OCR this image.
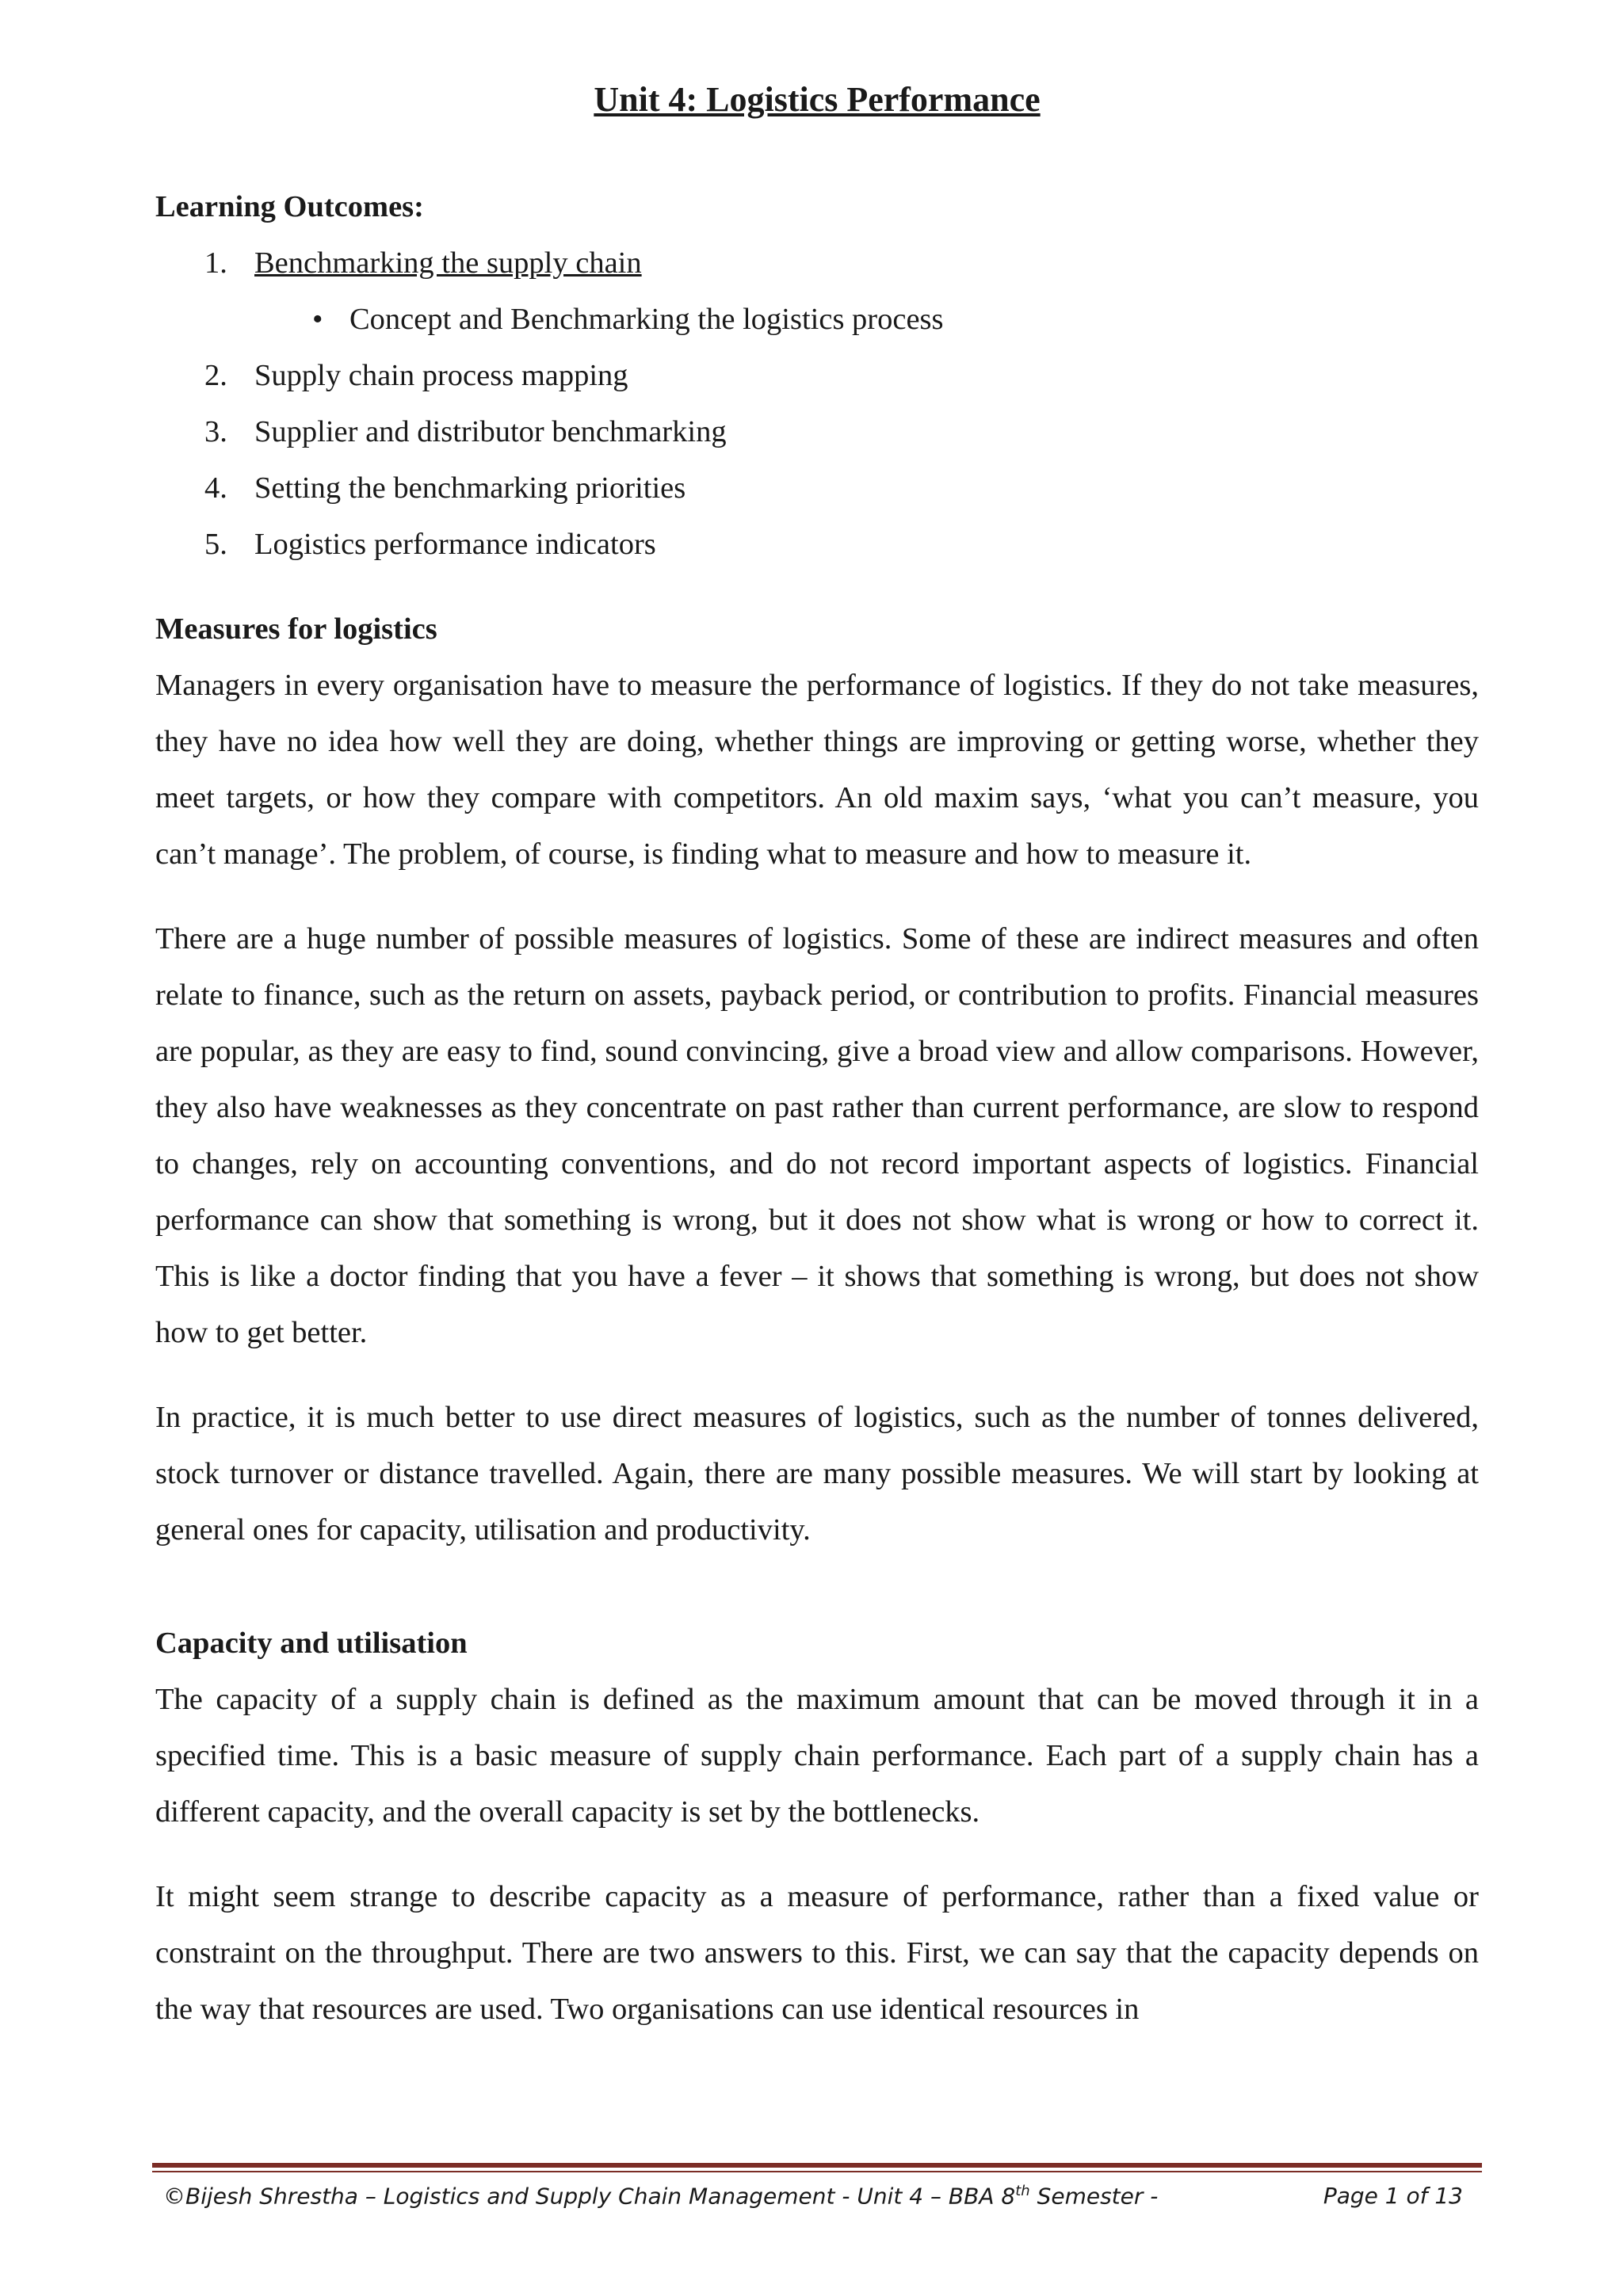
Unit 4: Logistics Performance
Learning Outcomes:
1. Benchmarking the supply chain
• Concept and Benchmarking the logistics process
2. Supply chain process mapping
3. Supplier and distributor benchmarking
4. Setting the benchmarking priorities
5. Logistics performance indicators
Measures for logistics

Managers in every organisation have to measure the performance of logistics. If they do not take measures, they have no idea how well they are doing, whether things are improving or getting worse, whether they meet targets, or how they compare with competitors. An old maxim says, ‘what you can’t measure, you can’t manage’. The problem, of course, is finding what to measure and how to measure it.

There are a huge number of possible measures of logistics. Some of these are indirect measures and often relate to finance, such as the return on assets, payback period, or contribution to profits. Financial measures are popular, as they are easy to find, sound convincing, give a broad view and allow comparisons. However, they also have weaknesses as they concentrate on past rather than current performance, are slow to respond to changes, rely on accounting conventions, and do not record important aspects of logistics. Financial performance can show that something is wrong, but it does not show what is wrong or how to correct it. This is like a doctor finding that you have a fever – it shows that something is wrong, but does not show how to get better.

In practice, it is much better to use direct measures of logistics, such as the number of tonnes delivered, stock turnover or distance travelled. Again, there are many possible measures. We will start by looking at general ones for capacity, utilisation and productivity.

Capacity and utilisation

The capacity of a supply chain is defined as the maximum amount that can be moved through it in a specified time. This is a basic measure of supply chain performance. Each part of a supply chain has a different capacity, and the overall capacity is set by the bottlenecks.

It might seem strange to describe capacity as a measure of performance, rather than a fixed value or constraint on the throughput. There are two answers to this. First, we can say that the capacity depends on the way that resources are used. Two organisations can use identical resources in

©Bijesh Shrestha – Logistics and Supply Chain Management - Unit 4 – BBA 8th Semester -	Page 1 of 13
